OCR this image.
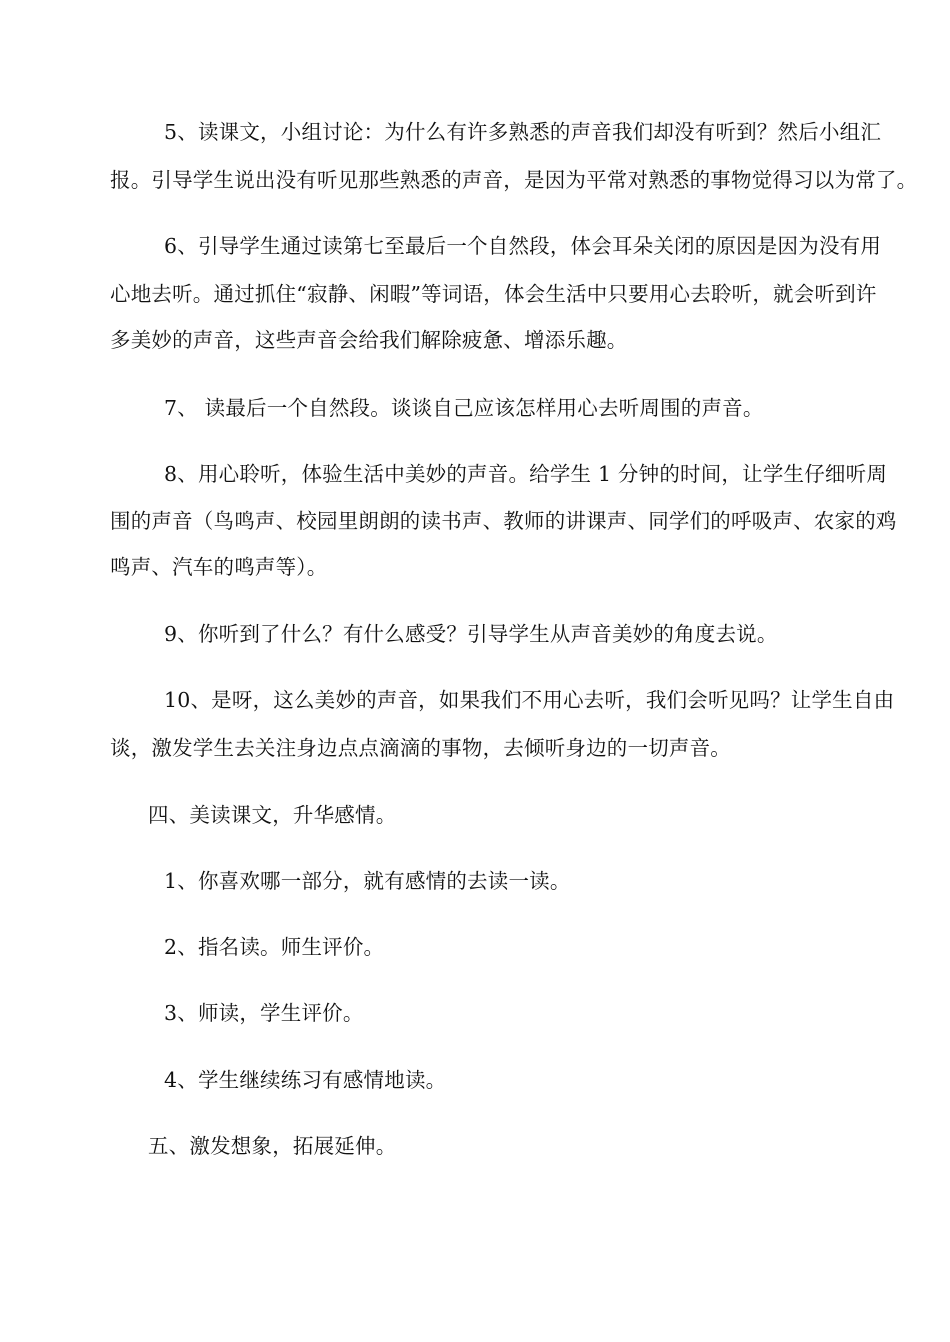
5、读课文，小组讨论：为什么有许多熟悉的声音我们却没有听到？然后小组汇
报。引导学生说出没有听见那些熟悉的声音，是因为平常对熟悉的事物觉得习以为常了。
6、引导学生通过读第七至最后一个自然段，体会耳朵关闭的原因是因为没有用
心地去听。通过抓住“寂静、闲暇”等词语，体会生活中只要用心去聆听，就会听到许
多美妙的声音，这些声音会给我们解除疲惫、增添乐趣。
7、 读最后一个自然段。谈谈自己应该怎样用心去听周围的声音。
8、用心聆听，体验生活中美妙的声音。给学生 1 分钟的时间，让学生仔细听周
围的声音（鸟鸣声、校园里朗朗的读书声、教师的讲课声、同学们的呼吸声、农家的鸡
鸣声、汽车的鸣声等）。
9、你听到了什么？有什么感受？引导学生从声音美妙的角度去说。
10、是呀，这么美妙的声音，如果我们不用心去听，我们会听见吗？让学生自由
谈，激发学生去关注身边点点滴滴的事物，去倾听身边的一切声音。
四、美读课文，升华感情。
1、你喜欢哪一部分，就有感情的去读一读。
2、指名读。师生评价。
3、师读，学生评价。
4、学生继续练习有感情地读。
五、激发想象，拓展延伸。
